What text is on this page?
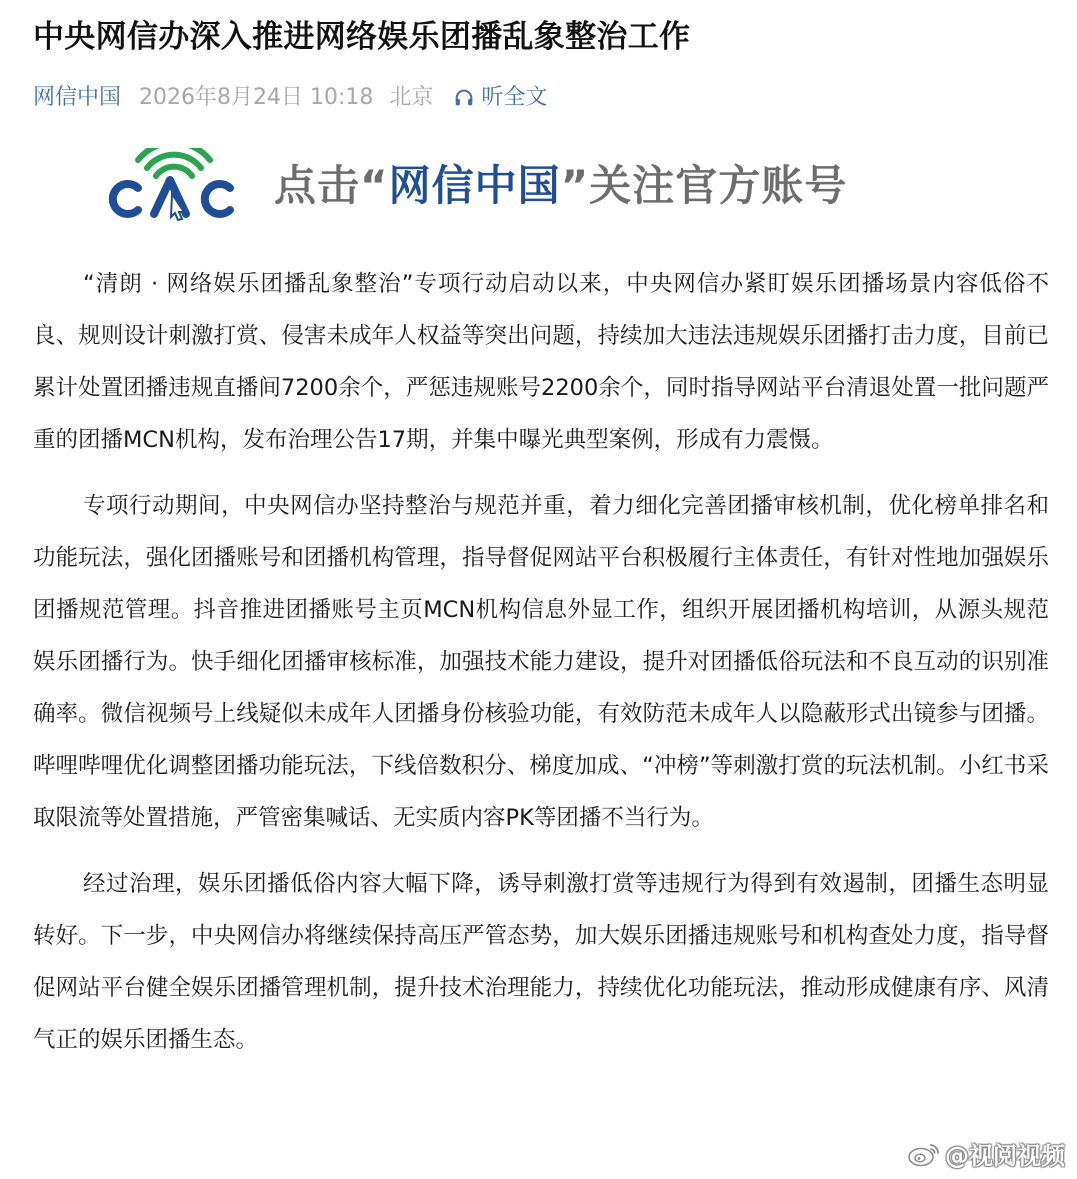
中央网信办深入推进网络娱乐团播乱象整治工作
网信中国 2026年8月24日 10:18 北京 听全文
点击“网信中国”关注官方账号

“清朗 · 网络娱乐团播乱象整治”专项行动启动以来，中央网信办紧盯娱乐团播场景内容低俗不良、规则设计刺激打赏、侵害未成年人权益等突出问题，持续加大违法违规娱乐团播打击力度，目前已累计处置团播违规直播间7200余个，严惩违规账号2200余个，同时指导网站平台清退处置一批问题严重的团播MCN机构，发布治理公告17期，并集中曝光典型案例，形成有力震慑。

专项行动期间，中央网信办坚持整治与规范并重，着力细化完善团播审核机制，优化榜单排名和功能玩法，强化团播账号和团播机构管理，指导督促网站平台积极履行主体责任，有针对性地加强娱乐团播规范管理。抖音推进团播账号主页MCN机构信息外显工作，组织开展团播机构培训，从源头规范娱乐团播行为。快手细化团播审核标准，加强技术能力建设，提升对团播低俗玩法和不良互动的识别准确率。微信视频号上线疑似未成年人团播身份核验功能，有效防范未成年人以隐蔽形式出镜参与团播。哔哩哔哩优化调整团播功能玩法，下线倍数积分、梯度加成、“冲榜”等刺激打赏的玩法机制。小红书采取限流等处置措施，严管密集喊话、无实质内容PK等团播不当行为。

经过治理，娱乐团播低俗内容大幅下降，诱导刺激打赏等违规行为得到有效遏制，团播生态明显转好。下一步，中央网信办将继续保持高压严管态势，加大娱乐团播违规账号和机构查处力度，指导督促网站平台健全娱乐团播管理机制，提升技术治理能力，持续优化功能玩法，推动形成健康有序、风清气正的娱乐团播生态。

@视阅视频
